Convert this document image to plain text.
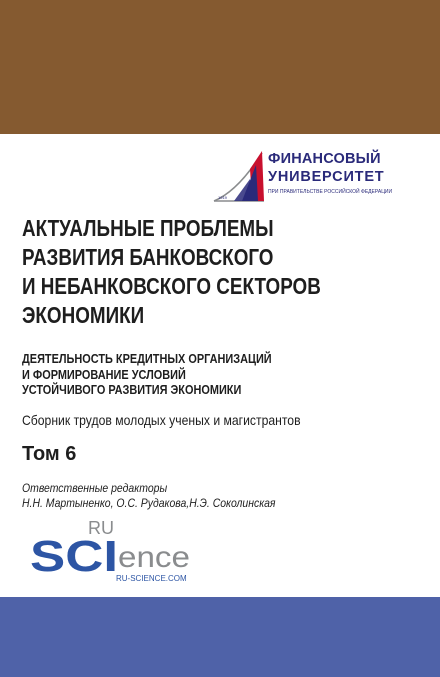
1919
ФИНАНСОВЫЙ
УНИВЕРСИТЕТ
ПРИ ПРАВИТЕЛЬСТВЕ РОССИЙСКОЙ ФЕДЕРАЦИИ
АКТУАЛЬНЫЕ ПРОБЛЕМЫ
РАЗВИТИЯ БАНКОВСКОГО
И НЕБАНКОВСКОГО СЕКТОРОВ
ЭКОНОМИКИ
ДЕЯТЕЛЬНОСТЬ КРЕДИТНЫХ ОРГАНИЗАЦИЙ
И ФОРМИРОВАНИЕ УСЛОВИЙ
УСТОЙЧИВОГО РАЗВИТИЯ ЭКОНОМИКИ
Сборник трудов молодых ученых и магистрантов
Том 6
Ответственные редакторы
Н.Н. Мартыненко, О.С. Рудакова,Н.Э. Соколинская
RU
SCI ence
RU-SCIENCE.COM
